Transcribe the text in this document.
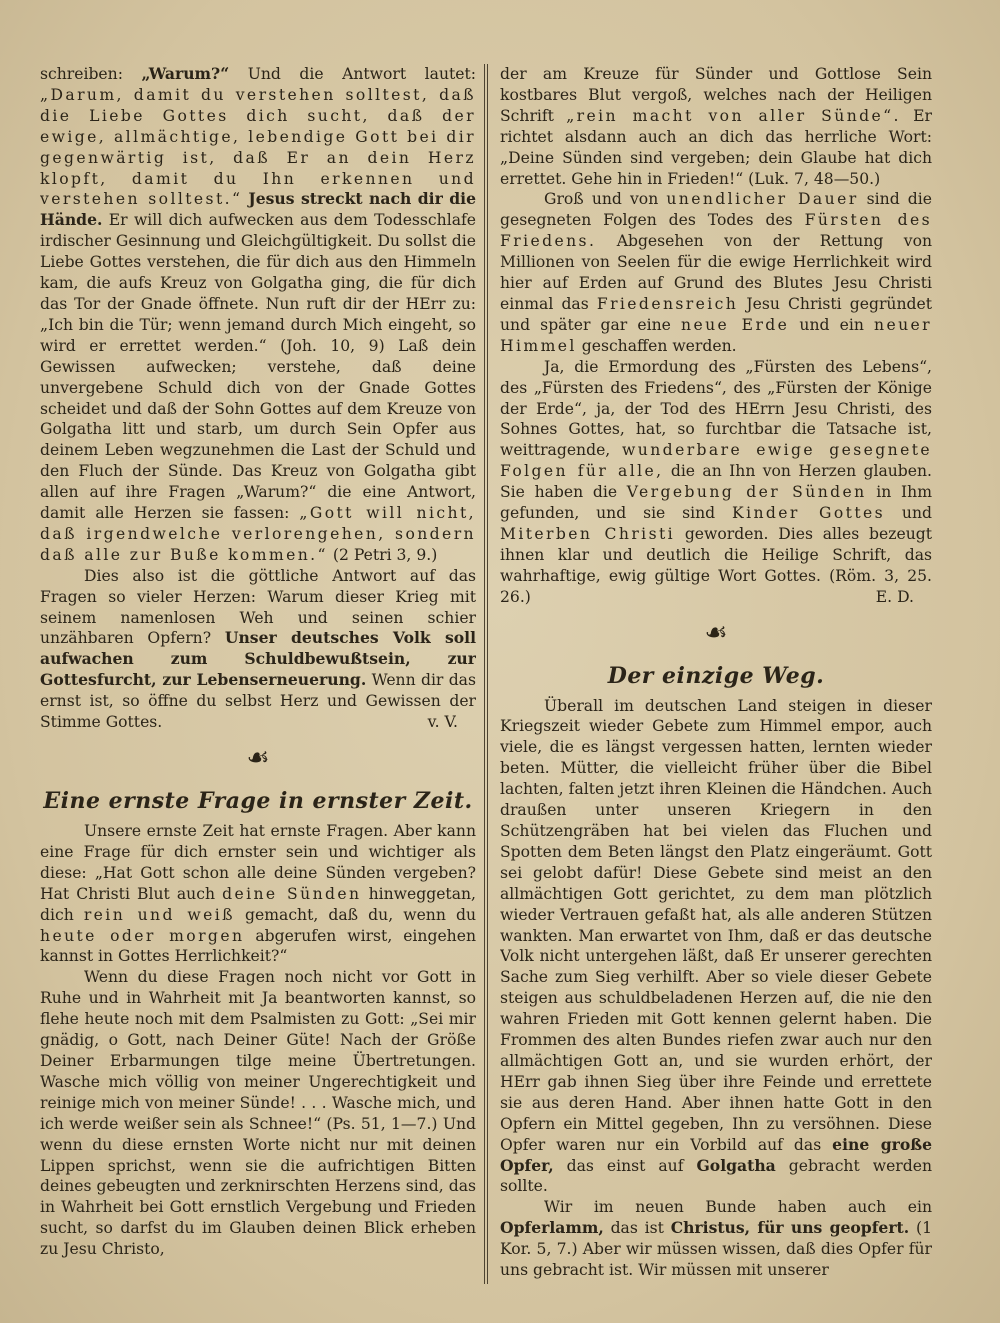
schreiben: „Warum?“ Und die Antwort lautet: „Darum, damit du verstehen solltest, daß die Liebe Gottes dich sucht, daß der ewige, allmächtige, lebendige Gott bei dir gegenwärtig ist, daß Er an dein Herz klopft, damit du Ihn erkennen und verstehen solltest.“ Jesus streckt nach dir die Hände. Er will dich aufwecken aus dem Todesschlafe irdischer Gesinnung und Gleichgültigkeit. Du sollst die Liebe Gottes verstehen, die für dich aus den Himmeln kam, die aufs Kreuz von Golgatha ging, die für dich das Tor der Gnade öffnete. Nun ruft dir der HErr zu: „Ich bin die Tür; wenn jemand durch Mich eingeht, so wird er errettet werden.“ (Joh. 10, 9) Laß dein Gewissen aufwecken; verstehe, daß deine unvergebene Schuld dich von der Gnade Gottes scheidet und daß der Sohn Gottes auf dem Kreuze von Golgatha litt und starb, um durch Sein Opfer aus deinem Leben wegzunehmen die Last der Schuld und den Fluch der Sünde. Das Kreuz von Golgatha gibt allen auf ihre Fragen „Warum?“ die eine Antwort, damit alle Herzen sie fassen: „Gott will nicht, daß irgendwelche verlorengehen, sondern daß alle zur Buße kommen.“ (2 Petri 3, 9.)

Dies also ist die göttliche Antwort auf das Fragen so vieler Herzen: Warum dieser Krieg mit seinem namenlosen Weh und seinen schier unzähbaren Opfern? Unser deutsches Volk soll aufwachen zum Schuldbewußtsein, zur Gottesfurcht, zur Lebenserneuerung. Wenn dir das ernst ist, so öffne du selbst Herz und Gewissen der Stimme Gottes.	v. V.

☙
Eine ernste Frage in ernster Zeit.

Unsere ernste Zeit hat ernste Fragen. Aber kann eine Frage für dich ernster sein und wichtiger als diese: „Hat Gott schon alle deine Sünden vergeben? Hat Christi Blut auch deine Sünden hinweggetan, dich rein und weiß gemacht, daß du, wenn du heute oder morgen abgerufen wirst, eingehen kannst in Gottes Herrlichkeit?“

Wenn du diese Fragen noch nicht vor Gott in Ruhe und in Wahrheit mit Ja beantworten kannst, so flehe heute noch mit dem Psalmisten zu Gott: „Sei mir gnädig, o Gott, nach Deiner Güte! Nach der Größe Deiner Erbarmungen tilge meine Übertretungen. Wasche mich völlig von meiner Ungerechtigkeit und reinige mich von meiner Sünde! . . . Wasche mich, und ich werde weißer sein als Schnee!“ (Ps. 51, 1—7.) Und wenn du diese ernsten Worte nicht nur mit deinen Lippen sprichst, wenn sie die aufrichtigen Bitten deines gebeugten und zerknirschten Herzens sind, das in Wahrheit bei Gott ernstlich Vergebung und Frieden sucht, so darfst du im Glauben deinen Blick erheben zu Jesu Christo,

der am Kreuze für Sünder und Gottlose Sein kostbares Blut vergoß, welches nach der Heiligen Schrift „rein macht von aller Sünde“. Er richtet alsdann auch an dich das herrliche Wort: „Deine Sünden sind vergeben; dein Glaube hat dich errettet. Gehe hin in Frieden!“ (Luk. 7, 48—50.)

Groß und von unendlicher Dauer sind die gesegneten Folgen des Todes des Fürsten des Friedens. Abgesehen von der Rettung von Millionen von Seelen für die ewige Herrlichkeit wird hier auf Erden auf Grund des Blutes Jesu Christi einmal das Friedensreich Jesu Christi gegründet und später gar eine neue Erde und ein neuer Himmel geschaffen werden.

Ja, die Ermordung des „Fürsten des Lebens“, des „Fürsten des Friedens“, des „Fürsten der Könige der Erde“, ja, der Tod des HErrn Jesu Christi, des Sohnes Gottes, hat, so furchtbar die Tatsache ist, weittragende, wunderbare ewige gesegnete Folgen für alle, die an Ihn von Herzen glauben. Sie haben die Vergebung der Sünden in Ihm gefunden, und sie sind Kinder Gottes und Miterben Christi geworden. Dies alles bezeugt ihnen klar und deutlich die Heilige Schrift, das wahrhaftige, ewig gültige Wort Gottes. (Röm. 3, 25. 26.)	E. D.

☙
Der einzige Weg.

Überall im deutschen Land steigen in dieser Kriegszeit wieder Gebete zum Himmel empor, auch viele, die es längst vergessen hatten, lernten wieder beten. Mütter, die vielleicht früher über die Bibel lachten, falten jetzt ihren Kleinen die Händchen. Auch draußen unter unseren Kriegern in den Schützengräben hat bei vielen das Fluchen und Spotten dem Beten längst den Platz eingeräumt. Gott sei gelobt dafür! Diese Gebete sind meist an den allmächtigen Gott gerichtet, zu dem man plötzlich wieder Vertrauen gefaßt hat, als alle anderen Stützen wankten. Man erwartet von Ihm, daß er das deutsche Volk nicht untergehen läßt, daß Er unserer gerechten Sache zum Sieg verhilft. Aber so viele dieser Gebete steigen aus schuldbeladenen Herzen auf, die nie den wahren Frieden mit Gott kennen gelernt haben. Die Frommen des alten Bundes riefen zwar auch nur den allmächtigen Gott an, und sie wurden erhört, der HErr gab ihnen Sieg über ihre Feinde und errettete sie aus deren Hand. Aber ihnen hatte Gott in den Opfern ein Mittel gegeben, Ihn zu versöhnen. Diese Opfer waren nur ein Vorbild auf das eine große Opfer, das einst auf Golgatha gebracht werden sollte.

Wir im neuen Bunde haben auch ein Opferlamm, das ist Christus, für uns geopfert. (1 Kor. 5, 7.) Aber wir müssen wissen, daß dies Opfer für uns gebracht ist. Wir müssen mit unserer
